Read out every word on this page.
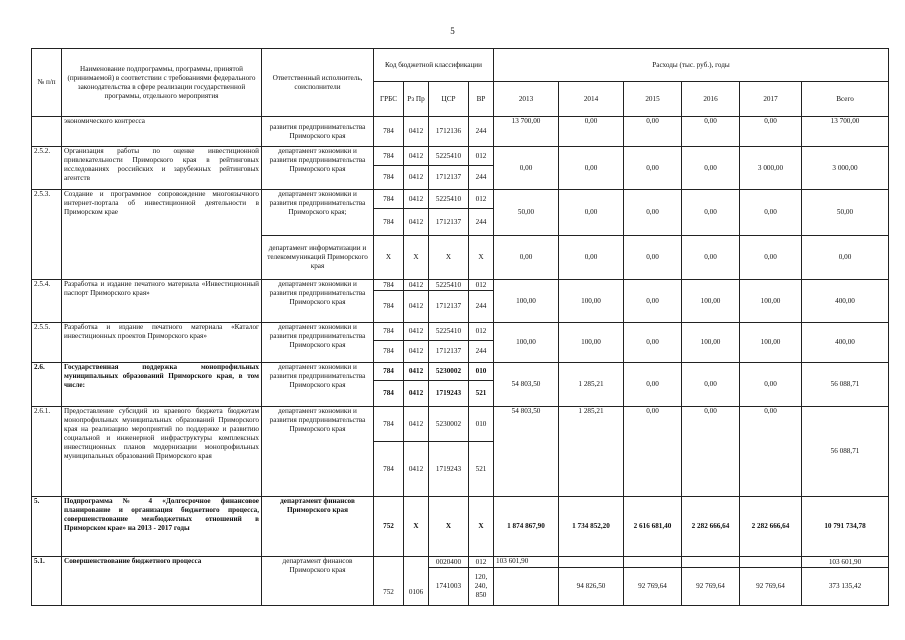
5
№ п/п	Наименование подпрограммы, программы, принятой (принимаемой) в соответствии с требованиями федерального законодательства в сфере реализации государственной программы, отдельного мероприятия	Ответственный исполнитель, соисполнители	Код бюджетной классификации				Расходы (тыс. руб.), годы					
			ГРБС	Рз Пр	ЦСР	ВР	2013	2014	2015	2016	2017	Всего
	экономического контресса	развития предпринимательства Приморского края	784	0412	1712136	244	13 700,00	0,00	0,00	0,00	0,00	13 700,00
2.5.2.	Организация работы по оценке инвестиционной привлекательности Приморского края в рейтинговых исследованиях российских и зарубежных рейтинговых агентств	департамент экономики и развития предпринимательства Приморского края	784	0412	5225410	012	0,00	0,00	0,00	0,00	3 000,00	3 000,00
			784	0412	1712137	244						
2.5.3.	Создание и программное сопровождение многоязычного интернет-портала об инвестиционной деятельности в Приморском крае	департамент экономики и развития предпринимательства Приморского края;	784	0412	5225410	012	50,00	0,00	0,00	0,00	0,00	50,00
			784	0412	1712137	244						
		департамент информатизации и телекоммуникаций Приморского края	X	X	X	X	0,00	0,00	0,00	0,00	0,00	0,00
2.5.4.	Разработка и издание печатного материала «Инвестиционный паспорт Приморского края»	департамент экономики и развития предпринимательства Приморского края	784	0412	5225410	012	100,00	100,00	0,00	100,00	100,00	400,00
			784	0412	1712137	244						
2.5.5.	Разработка и издание печатного материала «Каталог инвестиционных проектов Приморского края»	департамент экономики и развития предпринимательства Приморского края	784	0412	5225410	012	100,00	100,00	0,00	100,00	100,00	400,00
			784	0412	1712137	244						
2.6.	Государственная поддержка монопрофильных муниципальных образований Приморского края, в том числе:	департамент экономики и развития предпринимательства Приморского края	784	0412	5230002	010	54 803,50	1 285,21	0,00	0,00	0,00	56 088,71
			784	0412	1719243	521						
2.6.1.	Предоставление субсидий из краевого бюджета бюджетам монопрофильных муниципальных образований Приморского края на реализацию мероприятий по поддержке и развитию социальной и инженерной инфраструктуры комплексных инвестиционных планов модернизации монопрофильных муниципальных образований Приморского края	департамент экономики и развития предпринимательства Приморского края	784	0412	5230002	010	54 803,50	1 285,21	0,00	0,00	0,00	56 088,71
			784	0412	1719243	521						
5.	Подпрограмма № 4 «Долгосрочное финансовое планирование и организация бюджетного процесса, совершенствование межбюджетных отношений в Приморском крае» на 2013 - 2017 годы	департамент финансов Приморского края	752	X	X	X	1 874 867,90	1 734 852,20	2 616 681,40	2 282 666,64	2 282 666,64	10 791 734,78
5.1.	Совершенствование бюджетного процесса	департамент финансов Приморского края	752	0106	0020400	012	103 601,90					103 601,90
					1741003	120,
240,
850		94 826,50	92 769,64	92 769,64	92 769,64	373 135,42
